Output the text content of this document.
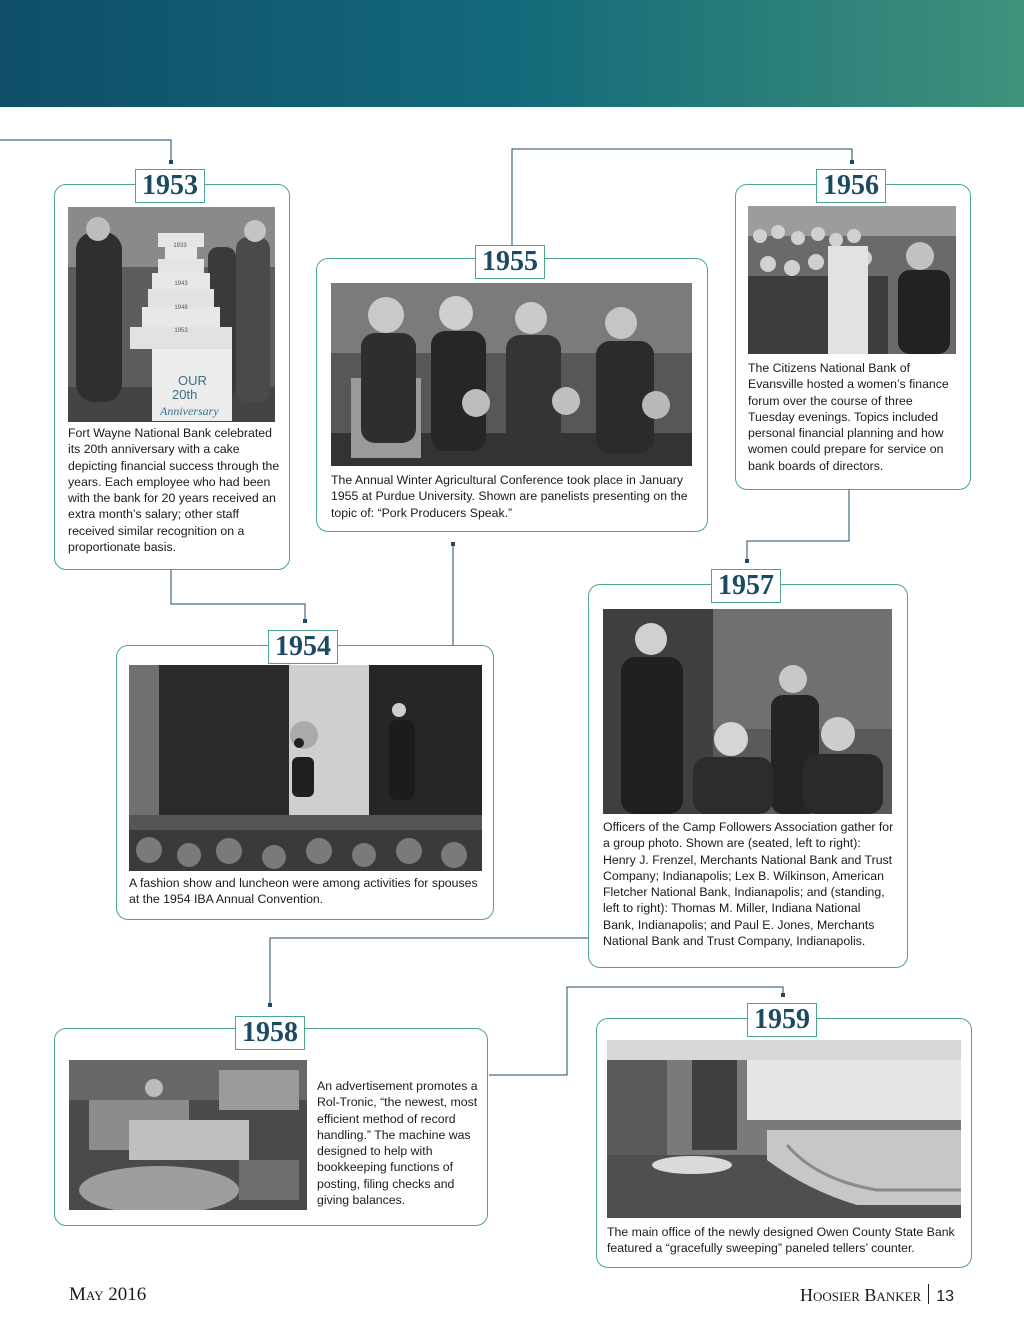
1953
1933
1943
1948
1953
OUR
20th
Anniversary
Fort Wayne National Bank celebrated its 20th anniversary with a cake depicting financial success through the years. Each employee who had been with the bank for 20 years received an extra month’s salary; other staff received similar recognition on a proportionate basis.
1955
The Annual Winter Agricultural Conference took place in January 1955 at Purdue University. Shown are panelists presenting on the topic of: “Pork Producers Speak.”
1956
The Citizens National Bank of Evansville hosted a women’s finance forum over the course of three Tuesday evenings. Topics included personal financial planning and how women could prepare for service on bank boards of directors.
1954
A fashion show and luncheon were among activities for spouses at the 1954 IBA Annual Convention.
1957
Officers of the Camp Followers Association gather for a group photo. Shown are (seated, left to right): Henry J. Frenzel, Merchants National Bank and Trust Company; Indianapolis; Lex B. Wilkinson, American Fletcher National Bank, Indianapolis; and (standing, left to right): Thomas M. Miller, Indiana National Bank, Indianapolis; and Paul E. Jones, Merchants National Bank and Trust Company, Indianapolis.
1958
An advertisement promotes a Rol-Tronic, “the newest, most efficient method of record handling.” The machine was designed to help with bookkeeping functions of posting, filing checks and giving balances.
1959
The main office of the newly designed Owen County State Bank featured a “gracefully sweeping” paneled tellers’ counter.
May 2016	Hoosier Banker 13
